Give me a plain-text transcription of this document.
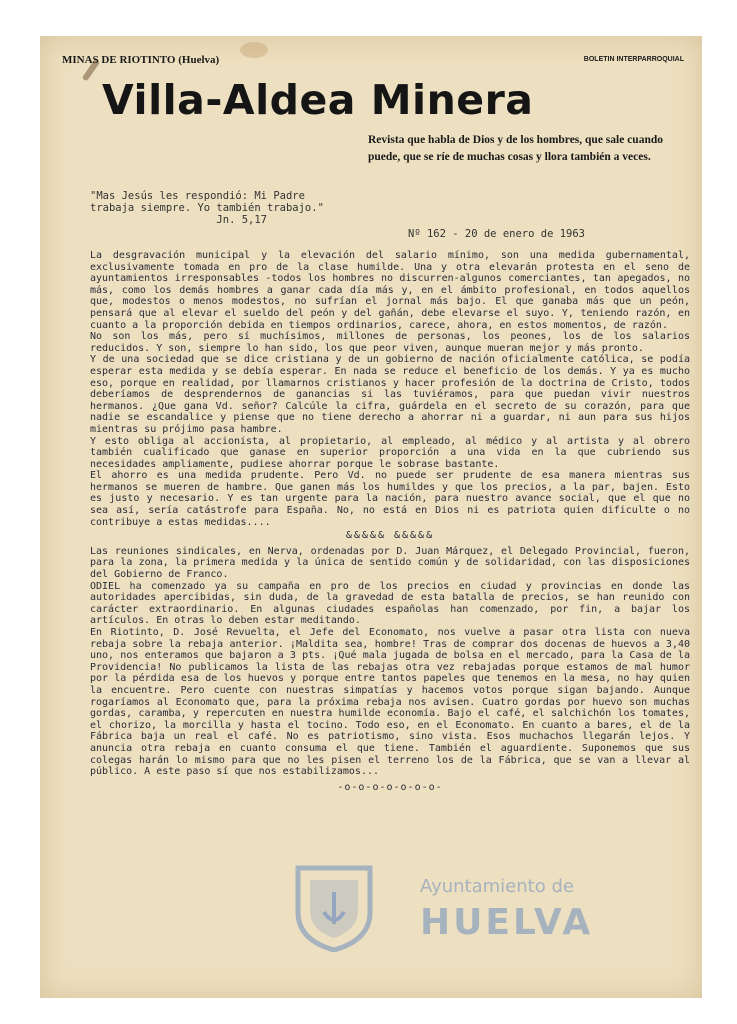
MINAS DE RIOTINTO (Huelva)	BOLETIN INTERPARROQUIAL
Villa-Aldea Minera
Revista que habla de Dios y de los hombres, que sale cuando puede, que se ríe de muchas cosas y llora también a veces.
"Mas Jesús les respondió: Mi Padre
trabaja siempre. Yo también trabajo."
Jn. 5,17
Nº 162 - 20 de enero de 1963

La desgravación municipal y la elevación del salario mínimo, son una medida gubernamental, exclusivamente tomada en pro de la clase humilde. Una y otra elevarán protesta en el seno de ayuntamientos irresponsables -todos los hombres no discurren-algunos comerciantes, tan apegados, no más, como los demás hombres a ganar cada día más y, en el ámbito profesional, en todos aquellos que, modestos o menos modestos, no sufrían el jornal más bajo. El que ganaba más que un peón, pensará que al elevar el sueldo del peón y del gañán, debe elevarse el suyo. Y, teniendo razón, en cuanto a la proporción debida en tiempos ordinarios, carece, ahora, en estos momentos, de razón.

No son los más, pero sí muchísimos, millones de personas, los peones, los de los salarios reducidos. Y son, siempre lo han sido, los que peor viven, aunque mueran mejor y más pronto.

Y de una sociedad que se dice cristiana y de un gobierno de nación oficialmente católica, se podía esperar esta medida y se debía esperar. En nada se reduce el beneficio de los demás. Y ya es mucho eso, porque en realidad, por llamarnos cristianos y hacer profesión de la doctrina de Cristo, todos deberíamos de desprendernos de ganancias si las tuviéramos, para que puedan vivir nuestros hermanos. ¿Que gana Vd. señor? Calcúle la cifra, guárdela en el secreto de su corazón, para que nadie se escandalice y piense que no tiene derecho a ahorrar ni a guardar, ni aun para sus hijos mientras su prójimo pasa hambre.

Y esto obliga al accionista, al propietario, al empleado, al médico y al artista y al obrero también cualificado que ganase en superior proporción a una vida en la que cubriendo sus necesidades ampliamente, pudiese ahorrar porque le sobrase bastante.

El ahorro es una medida prudente. Pero Vd. no puede ser prudente de esa manera mientras sus hermanos se mueren de hambre. Que ganen más los humildes y que los precios, a la par, bajen. Esto es justo y necesario. Y es tan urgente para la nación, para nuestro avance social, que el que no sea así, sería catástrofe para España. No, no está en Dios ni es patriota quien dificulte o no contribuye a estas medidas....

&&&&& &&&&&

Las reuniones sindicales, en Nerva, ordenadas por D. Juan Márquez, el Delegado Provincial, fueron, para la zona, la primera medida y la única de sentido común y de solidaridad, con las disposiciones del Gobierno de Franco.

ODIEL ha comenzado ya su campaña en pro de los precios en ciudad y provincias en donde las autoridades apercibidas, sin duda, de la gravedad de esta batalla de precios, se han reunido con carácter extraordinario. En algunas ciudades españolas han comenzado, por fin, a bajar los artículos. En otras lo deben estar meditando.

En Riotinto, D. José Revuelta, el Jefe del Economato, nos vuelve a pasar otra lista con nueva rebaja sobre la rebaja anterior. ¡Maldita sea, hombre! Tras de comprar dos docenas de huevos a 3,40 uno, nos enteramos que bajaron a 3 pts. ¡Qué mala jugada de bolsa en el mercado, para la Casa de la Providencia! No publicamos la lista de las rebajas otra vez rebajadas porque estamos de mal humor por la pérdida esa de los huevos y porque entre tantos papeles que tenemos en la mesa, no hay quien la encuentre. Pero cuente con nuestras simpatías y hacemos votos porque sigan bajando. Aunque rogaríamos al Economato que, para la próxima rebaja nos avisen. Cuatro gordas por huevo son muchas gordas, caramba, y repercuten en nuestra humilde economía. Bajo el café, el salchichón los tomates, el chorizo, la morcilla y hasta el tocino. Todo eso, en el Economato. En cuanto a bares, el de la Fábrica baja un real el café. No es patriotismo, sino vista. Esos muchachos llegarán lejos. Y anuncia otra rebaja en cuanto consuma el que tiene. También el aguardiente. Suponemos que sus colegas harán lo mismo para que no les pisen el terreno los de la Fábrica, que se van a llevar al público. A este paso sí que nos estabilizamos...

-o-o-o-o-o-o-o-
Ayuntamiento de
HUELVA
